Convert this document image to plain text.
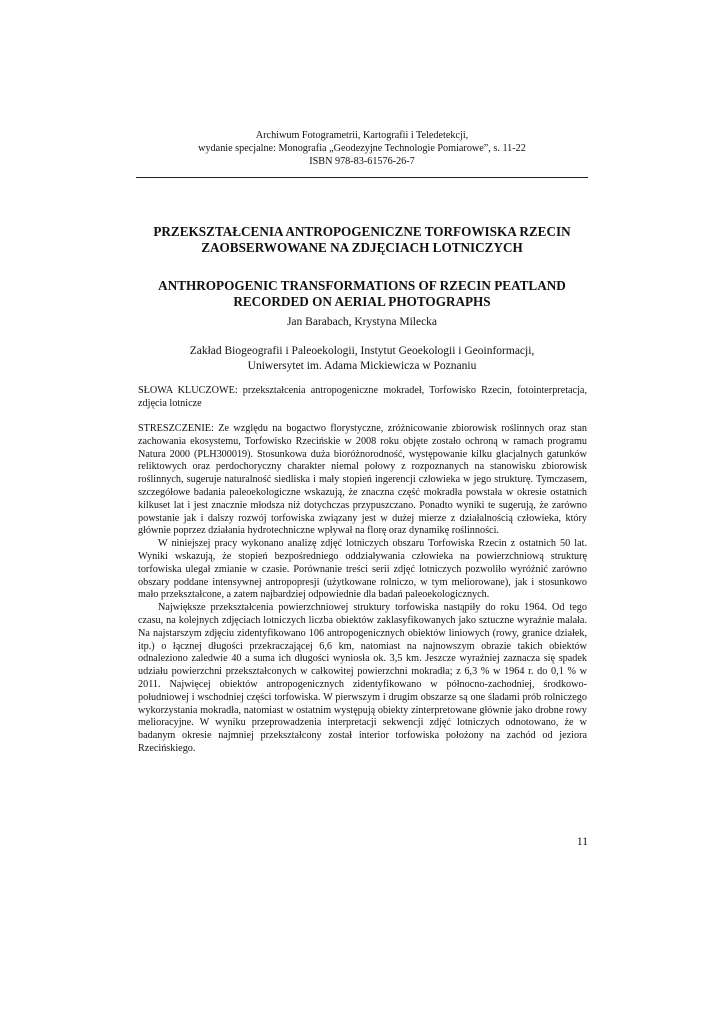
Archiwum Fotogrametrii, Kartografii i Teledetekcji,
wydanie specjalne: Monografia „Geodezyjne Technologie Pomiarowe”, s. 11-22
ISBN 978-83-61576-26-7
PRZEKSZTAŁCENIA ANTROPOGENICZNE TORFOWISKA RZECIN
ZAOBSERWOWANE NA ZDJĘCIACH LOTNICZYCH
ANTHROPOGENIC TRANSFORMATIONS OF RZECIN PEATLAND
RECORDED ON AERIAL PHOTOGRAPHS
Jan Barabach, Krystyna Milecka
Zakład Biogeografii i Paleoekologii, Instytut Geoekologii i Geoinformacji,
Uniwersytet im. Adama Mickiewicza w Poznaniu
SŁOWA KLUCZOWE: przekształcenia antropogeniczne mokradeł, Torfowisko Rzecin, fotointerpretacja, zdjęcia lotnicze

STRESZCZENIE: Ze względu na bogactwo florystyczne, zróżnicowanie zbiorowisk roślinnych oraz stan zachowania ekosystemu, Torfowisko Rzecińskie w 2008 roku objęte zostało ochroną w ramach programu Natura 2000 (PLH300019). Stosunkowa duża bioróżnorodność, występowanie kilku glacjalnych gatunków reliktowych oraz perdochoryczny charakter niemal połowy z rozpoznanych na stanowisku zbiorowisk roślinnych, sugeruje naturalność siedliska i mały stopień ingerencji człowieka w jego strukturę. Tymczasem, szczegółowe badania paleoekologiczne wskazują, że znaczna część mokradła powstała w okresie ostatnich kilkuset lat i jest znacznie młodsza niż dotychczas przypuszczano. Ponadto wyniki te sugerują, że zarówno powstanie jak i dalszy rozwój torfowiska związany jest w dużej mierze z działalnością człowieka, który głównie poprzez działania hydrotechniczne wpływał na florę oraz dynamikę roślinności.

W niniejszej pracy wykonano analizę zdjęć lotniczych obszaru Torfowiska Rzecin z ostatnich 50 lat. Wyniki wskazują, że stopień bezpośredniego oddziaływania człowieka na powierzchniową strukturę torfowiska ulegał zmianie w czasie. Porównanie treści serii zdjęć lotniczych pozwoliło wyróżnić zarówno obszary poddane intensywnej antropopresji (użytkowane rolniczo, w tym meliorowane), jak i stosunkowo mało przekształcone, a zatem najbardziej odpowiednie dla badań paleoekologicznych.

Największe przekształcenia powierzchniowej struktury torfowiska nastąpiły do roku 1964. Od tego czasu, na kolejnych zdjęciach lotniczych liczba obiektów zaklasyfikowanych jako sztuczne wyraźnie malała. Na najstarszym zdjęciu zidentyfikowano 106 antropogenicznych obiektów liniowych (rowy, granice działek, itp.) o łącznej długości przekraczającej 6,6 km, natomiast na najnowszym obrazie takich obiektów odnaleziono zaledwie 40 a suma ich długości wyniosła ok. 3,5 km. Jeszcze wyraźniej zaznacza się spadek udziału powierzchni przekształconych w całkowitej powierzchni mokradła; z 6,3 % w 1964 r. do 0,1 % w 2011. Najwięcej obiektów antropogenicznych zidentyfikowano w północno-zachodniej, środkowo-południowej i wschodniej części torfowiska. W pierwszym i drugim obszarze są one śladami prób rolniczego wykorzystania mokradła, natomiast w ostatnim występują obiekty zinterpretowane głównie jako drobne rowy melioracyjne. W wyniku przeprowadzenia interpretacji sekwencji zdjęć lotniczych odnotowano, że w badanym okresie najmniej przekształcony został interior torfowiska położony na zachód od jeziora Rzecińskiego.

11
